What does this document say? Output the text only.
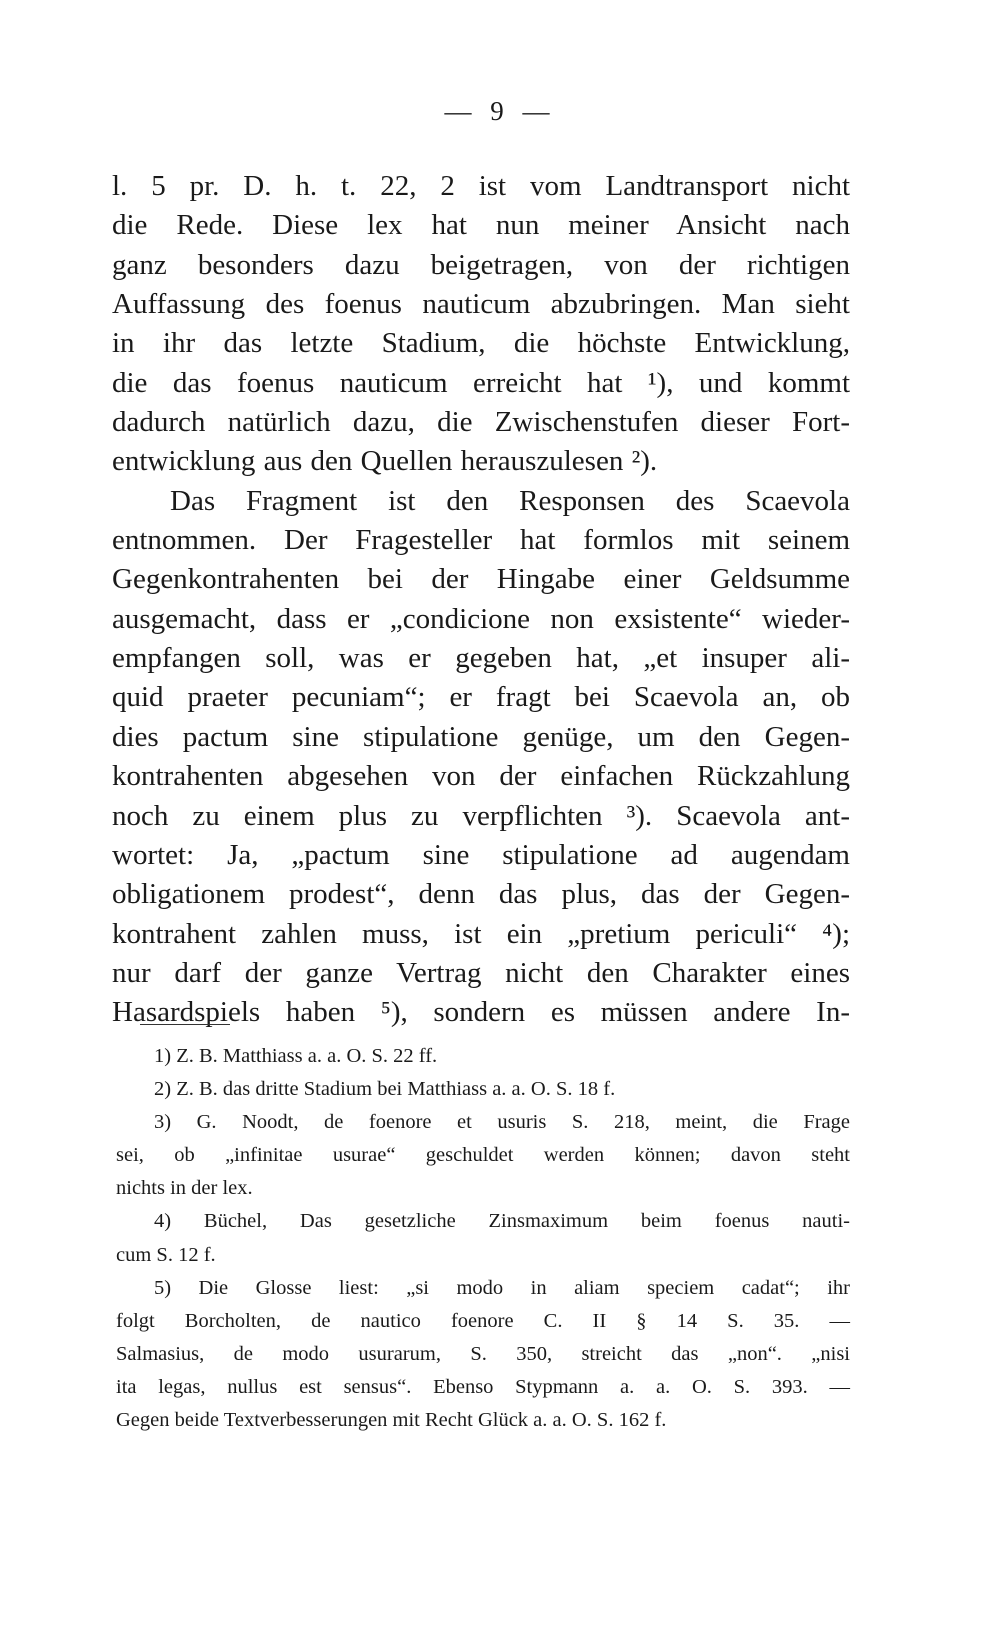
— 9 —
l. 5 pr. D. h. t. 22, 2 ist vom Landtransport nicht
die Rede. Diese lex hat nun meiner Ansicht nach
ganz besonders dazu beigetragen, von der richtigen
Auffassung des foenus nauticum abzubringen. Man sieht
in ihr das letzte Stadium, die höchste Entwicklung,
die das foenus nauticum erreicht hat ¹), und kommt
dadurch natürlich dazu, die Zwischenstufen dieser Fort-
entwicklung aus den Quellen herauszulesen ²).
Das Fragment ist den Responsen des Scaevola
entnommen. Der Fragesteller hat formlos mit seinem
Gegenkontrahenten bei der Hingabe einer Geldsumme
ausgemacht, dass er „condicione non exsistente“ wieder-
empfangen soll, was er gegeben hat, „et insuper ali-
quid praeter pecuniam“; er fragt bei Scaevola an, ob
dies pactum sine stipulatione genüge, um den Gegen-
kontrahenten abgesehen von der einfachen Rückzahlung
noch zu einem plus zu verpflichten ³). Scaevola ant-
wortet: Ja, „pactum sine stipulatione ad augendam
obligationem prodest“, denn das plus, das der Gegen-
kontrahent zahlen muss, ist ein „pretium periculi“ ⁴);
nur darf der ganze Vertrag nicht den Charakter eines
Hasardspiels haben ⁵), sondern es müssen andere In-
1) Z. B. Matthiass a. a. O. S. 22 ff.
2) Z. B. das dritte Stadium bei Matthiass a. a. O. S. 18 f.
3) G. Noodt, de foenore et usuris S. 218, meint, die Frage
sei, ob „infinitae usurae“ geschuldet werden können; davon steht
nichts in der lex.
4) Büchel, Das gesetzliche Zinsmaximum beim foenus nauti-
cum S. 12 f.
5) Die Glosse liest: „si modo in aliam speciem cadat“; ihr
folgt Borcholten, de nautico foenore C. II § 14 S. 35. —
Salmasius, de modo usurarum, S. 350, streicht das „non“. „nisi
ita legas, nullus est sensus“. Ebenso Stypmann a. a. O. S. 393. —
Gegen beide Textverbesserungen mit Recht Glück a. a. O. S. 162 f.
